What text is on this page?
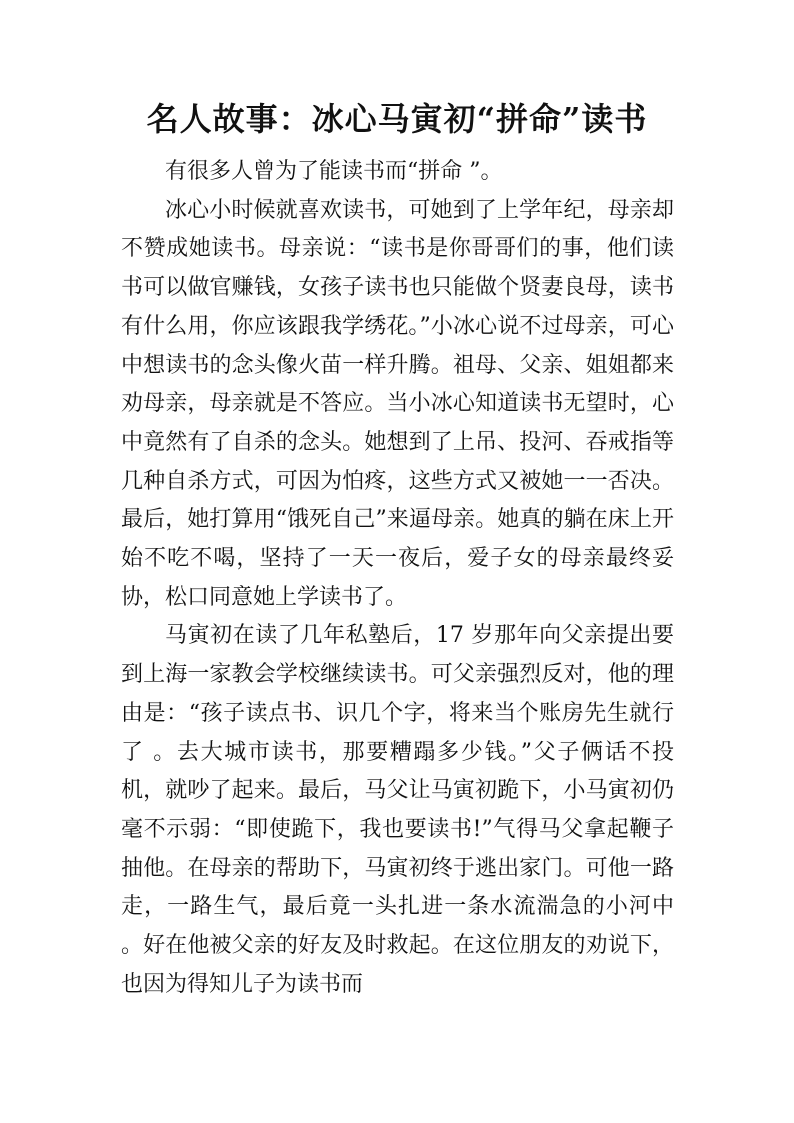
名人故事：冰心马寅初“拼命”读书

有很多人曾为了能读书而“拼命 ”。

冰心小时候就喜欢读书，可她到了上学年纪，母亲却不赞成她读书。母亲说：“读书是你哥哥们的事，他们读书可以做官赚钱，女孩子读书也只能做个贤妻良母，读书有什么用，你应该跟我学绣花。”小冰心说不过母亲，可心中想读书的念头像火苗一样升腾。祖母、父亲、姐姐都来劝母亲，母亲就是不答应。当小冰心知道读书无望时，心中竟然有了自杀的念头。她想到了上吊、投河、吞戒指等几种自杀方式，可因为怕疼，这些方式又被她一一否决。最后，她打算用“饿死自己”来逼母亲。她真的躺在床上开始不吃不喝，坚持了一天一夜后，爱子女的母亲最终妥协，松口同意她上学读书了。

马寅初在读了几年私塾后，17 岁那年向父亲提出要到上海一家教会学校继续读书。可父亲强烈反对，他的理由是：“孩子读点书、识几个字，将来当个账房先生就行了 。去大城市读书，那要糟蹋多少钱。”父子俩话不投机，就吵了起来。最后，马父让马寅初跪下，小马寅初仍毫不示弱：“即使跪下，我也要读书!”气得马父拿起鞭子抽他。在母亲的帮助下，马寅初终于逃出家门。可他一路走，一路生气，最后竟一头扎进一条水流湍急的小河中 。好在他被父亲的好友及时救起。在这位朋友的劝说下，也因为得知儿子为读书而
